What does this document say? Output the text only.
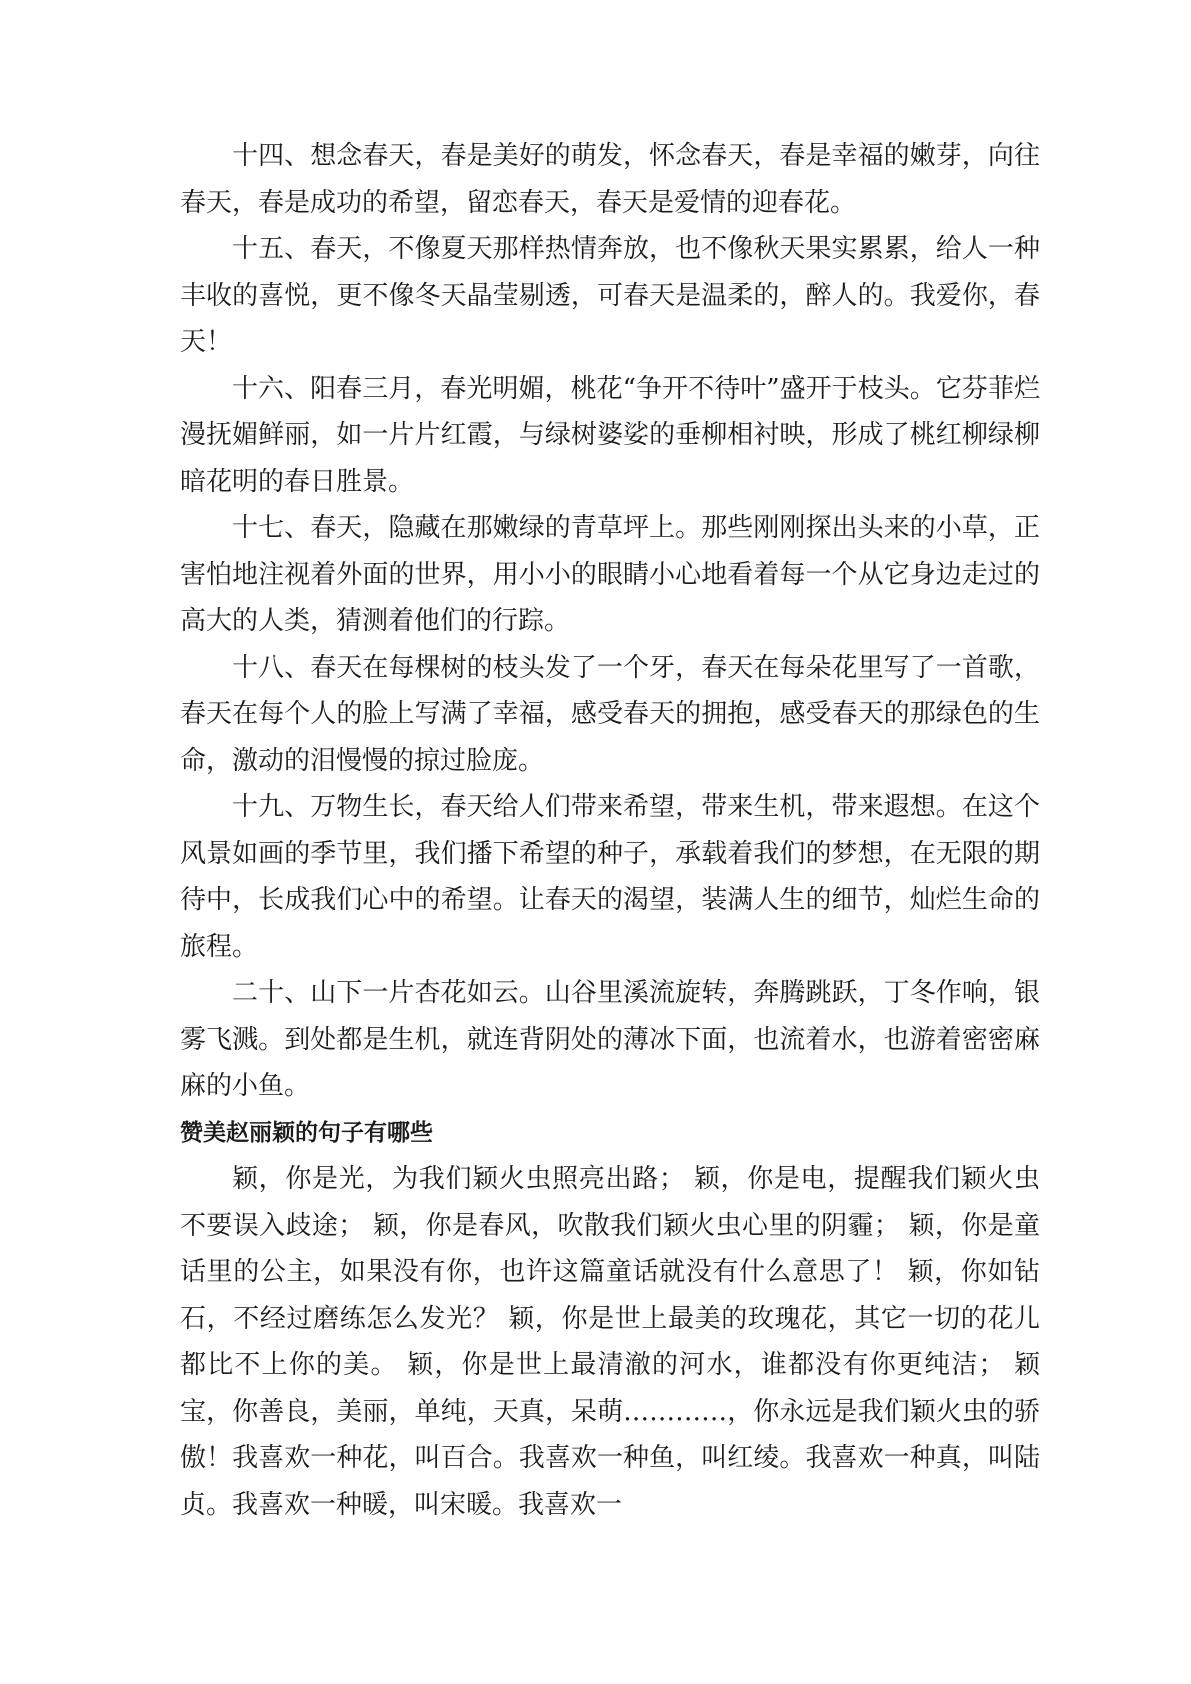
十四、想念春天，春是美好的萌发，怀念春天，春是幸福的嫩芽，向往春天，春是成功的希望，留恋春天，春天是爱情的迎春花。

十五、春天，不像夏天那样热情奔放，也不像秋天果实累累，给人一种丰收的喜悦，更不像冬天晶莹剔透，可春天是温柔的，醉人的。我爱你，春天！

十六、阳春三月，春光明媚，桃花“争开不待叶”盛开于枝头。它芬菲烂漫抚媚鲜丽，如一片片红霞，与绿树婆娑的垂柳相衬映，形成了桃红柳绿柳暗花明的春日胜景。

十七、春天，隐藏在那嫩绿的青草坪上。那些刚刚探出头来的小草，正害怕地注视着外面的世界，用小小的眼睛小心地看着每一个从它身边走过的高大的人类，猜测着他们的行踪。

十八、春天在每棵树的枝头发了一个牙，春天在每朵花里写了一首歌，春天在每个人的脸上写满了幸福，感受春天的拥抱，感受春天的那绿色的生命，激动的泪慢慢的掠过脸庞。

十九、万物生长，春天给人们带来希望，带来生机，带来遐想。在这个风景如画的季节里，我们播下希望的种子，承载着我们的梦想，在无限的期待中，长成我们心中的希望。让春天的渴望，装满人生的细节，灿烂生命的旅程。

二十、山下一片杏花如云。山谷里溪流旋转，奔腾跳跃，丁冬作响，银雾飞溅。到处都是生机，就连背阴处的薄冰下面，也流着水，也游着密密麻麻的小鱼。

赞美赵丽颖的句子有哪些

颖，你是光，为我们颖火虫照亮出路； 颖，你是电，提醒我们颖火虫不要误入歧途； 颖，你是春风，吹散我们颖火虫心里的阴霾； 颖，你是童话里的公主，如果没有你，也许这篇童话就没有什么意思了！ 颖，你如钻石，不经过磨练怎么发光？ 颖，你是世上最美的玫瑰花，其它一切的花儿都比不上你的美。 颖，你是世上最清澈的河水，谁都没有你更纯洁； 颖宝，你善良，美丽，单纯，天真，呆萌…………，你永远是我们颖火虫的骄傲！我喜欢一种花，叫百合。我喜欢一种鱼，叫红绫。我喜欢一种真，叫陆贞。我喜欢一种暖，叫宋暖。我喜欢一
